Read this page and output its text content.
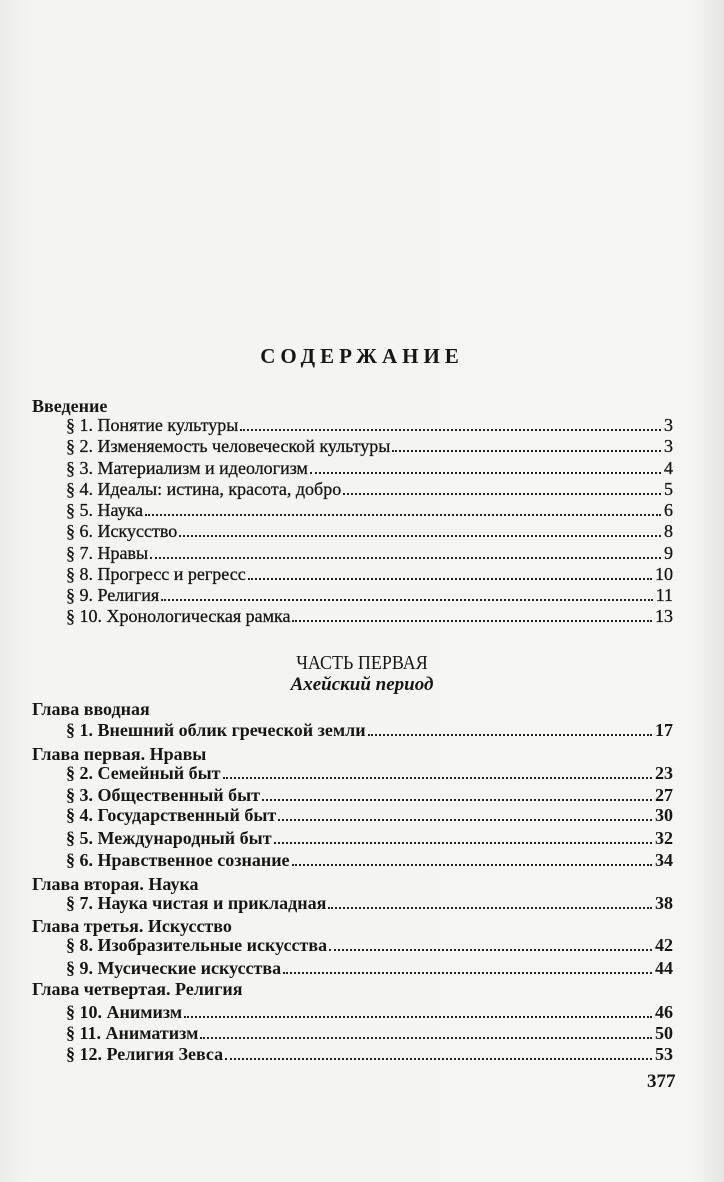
СОДЕРЖАНИЕ
Введение
ЧАСТЬ ПЕРВАЯ
Ахейский период
§ 1. Понятие культуры	3
§ 2. Изменяемость человеческой культуры	3
§ 3. Материализм и идеологизм	4
§ 4. Идеалы: истина, красота, добро	5
§ 5. Наука	6
§ 6. Искусство	8
§ 7. Нравы	9
§ 8. Прогресс и регресс	10
§ 9. Религия	11
§ 10. Хронологическая рамка	13
Глава вводная
§ 1. Внешний облик греческой земли	17
Глава первая. Нравы
§ 2. Семейный быт	23
§ 3. Общественный быт	27
§ 4. Государственный быт	30
§ 5. Международный быт	32
§ 6. Нравственное сознание	34
Глава вторая. Наука
§ 7. Наука чистая и прикладная	38
Глава третья. Искусство
§ 8. Изобразительные искусства	42
§ 9. Мусические искусства	44
Глава четвертая. Религия
§ 10. Анимизм	46
§ 11. Аниматизм	50
§ 12. Религия Зевса	53
377
